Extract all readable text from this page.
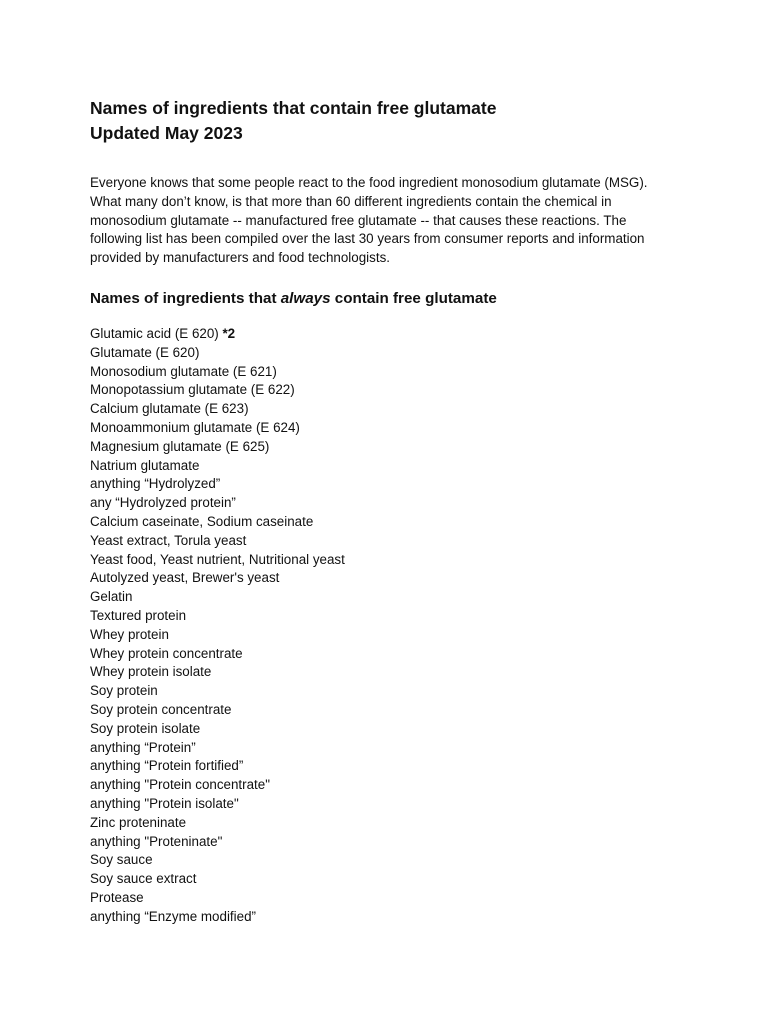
Names of ingredients that contain free glutamate

Updated May 2023

Everyone knows that some people react to the food ingredient monosodium glutamate (MSG).
What many don’t know, is that more than 60 different ingredients contain the chemical in
monosodium glutamate -- manufactured free glutamate -- that causes these reactions. The
following list has been compiled over the last 30 years from consumer reports and information
provided by manufacturers and food technologists.

Names of ingredients that always contain free glutamate

Glutamic acid (E 620) *2
Glutamate (E 620)
Monosodium glutamate (E 621)
Monopotassium glutamate (E 622)
Calcium glutamate (E 623)
Monoammonium glutamate (E 624)
Magnesium glutamate (E 625)
Natrium glutamate
anything “Hydrolyzed”
any “Hydrolyzed protein”
Calcium caseinate, Sodium caseinate
Yeast extract, Torula yeast
Yeast food, Yeast nutrient, Nutritional yeast
Autolyzed yeast, Brewer's yeast
Gelatin
Textured protein
Whey protein
Whey protein concentrate
Whey protein isolate
Soy protein
Soy protein concentrate
Soy protein isolate
anything “Protein”
anything “Protein fortified”
anything "Protein concentrate"
anything "Protein isolate"
Zinc proteninate
anything "Proteninate"
Soy sauce
Soy sauce extract
Protease
anything “Enzyme modified”
